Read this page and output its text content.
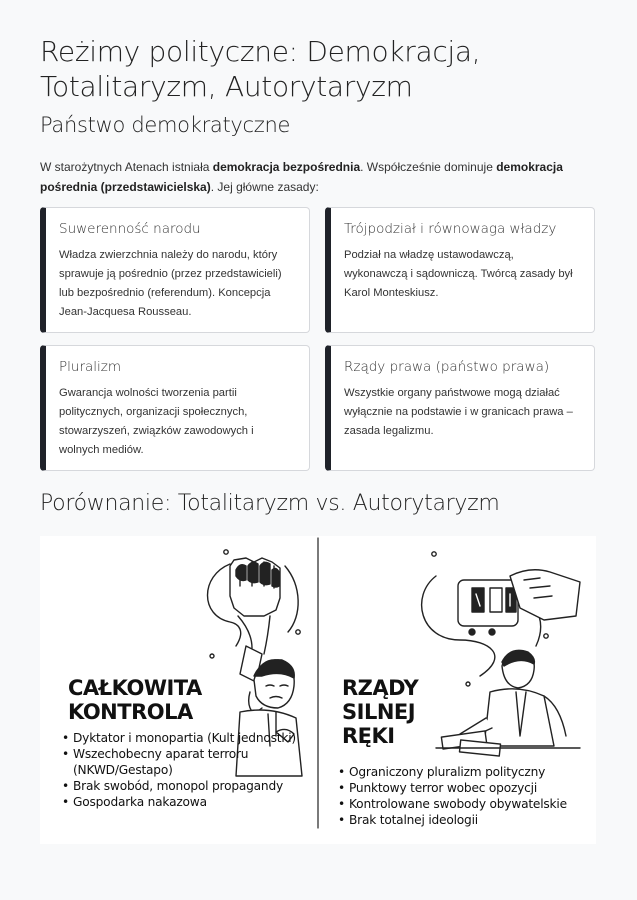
Reżimy polityczne: Demokracja, Totalitaryzm, Autorytaryzm
Państwo demokratyczne

W starożytnych Atenach istniała demokracja bezpośrednia. Współcześnie dominuje demokracja pośrednia (przedstawicielska). Jej główne zasady:

Suwerenność narodu

Władza zwierzchnia należy do narodu, który sprawuje ją pośrednio (przez przedstawicieli) lub bezpośrednio (referendum). Koncepcja Jean-Jacquesa Rousseau.

Trójpodział i równowaga władzy

Podział na władzę ustawodawczą, wykonawczą i sądowniczą. Twórcą zasady był Karol Monteskiusz.

Pluralizm

Gwarancja wolności tworzenia partii politycznych, organizacji społecznych, stowarzyszeń, związków zawodowych i wolnych mediów.

Rządy prawa (państwo prawa)

Wszystkie organy państwowe mogą działać wyłącznie na podstawie i w granicach prawa – zasada legalizmu.

Porównanie: Totalitaryzm vs. Autorytaryzm
CAŁKOWITA
KONTROLA
• Dyktator i monopartia (Kult jednostki)
• Wszechobecny aparat terroru (NKWD/Gestapo)
• Brak swobód, monopol propagandy
• Gospodarka nakazowa
RZĄDY
SILNEJ
RĘKI
• Ograniczony pluralizm polityczny
• Punktowy terror wobec opozycji
• Kontrolowane swobody obywatelskie
• Brak totalnej ideologii
